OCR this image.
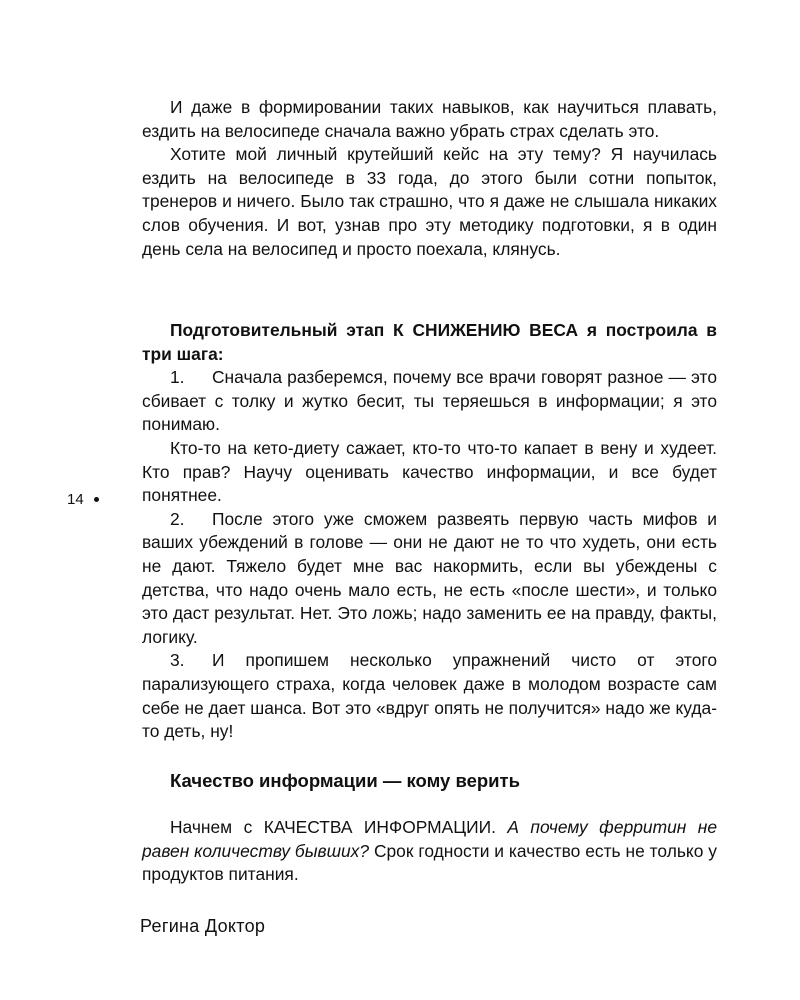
И даже в формировании таких навыков, как научиться плавать, ездить на велосипеде сначала важно убрать страх сделать это.

Хотите мой личный крутейший кейс на эту тему? Я научилась ездить на велосипеде в 33 года, до этого были сотни попыток, тренеров и ничего. Было так страшно, что я даже не слышала никаких слов обучения. И вот, узнав про эту методику подготовки, я в один день села на велосипед и просто поехала, клянусь.

Подготовительный этап К СНИЖЕНИЮ ВЕСА я построила в три шага:

1. Сначала разберемся, почему все врачи говорят разное — это сбивает с толку и жутко бесит, ты теряешься в информации; я это понимаю.

Кто-то на кето-диету сажает, кто-то что-то капает в вену и худеет. Кто прав? Научу оценивать качество информации, и все будет понятнее.

2. После этого уже сможем развеять первую часть мифов и ваших убеждений в голове — они не дают не то что худеть, они есть не дают. Тяжело будет мне вас накормить, если вы убеждены с детства, что надо очень мало есть, не есть «после шести», и только это даст результат. Нет. Это ложь; надо заменить ее на правду, факты, логику.

3. И пропишем несколько упражнений чисто от этого парализующего страха, когда человек даже в молодом возрасте сам себе не дает шанса. Вот это «вдруг опять не получится» надо же куда-то деть, ну!

Качество информации — кому верить

Начнем с КАЧЕСТВА ИНФОРМАЦИИ. А почему ферритин не равен количеству бывших? Срок годности и качество есть не только у продуктов питания.

14
Регина Доктор
